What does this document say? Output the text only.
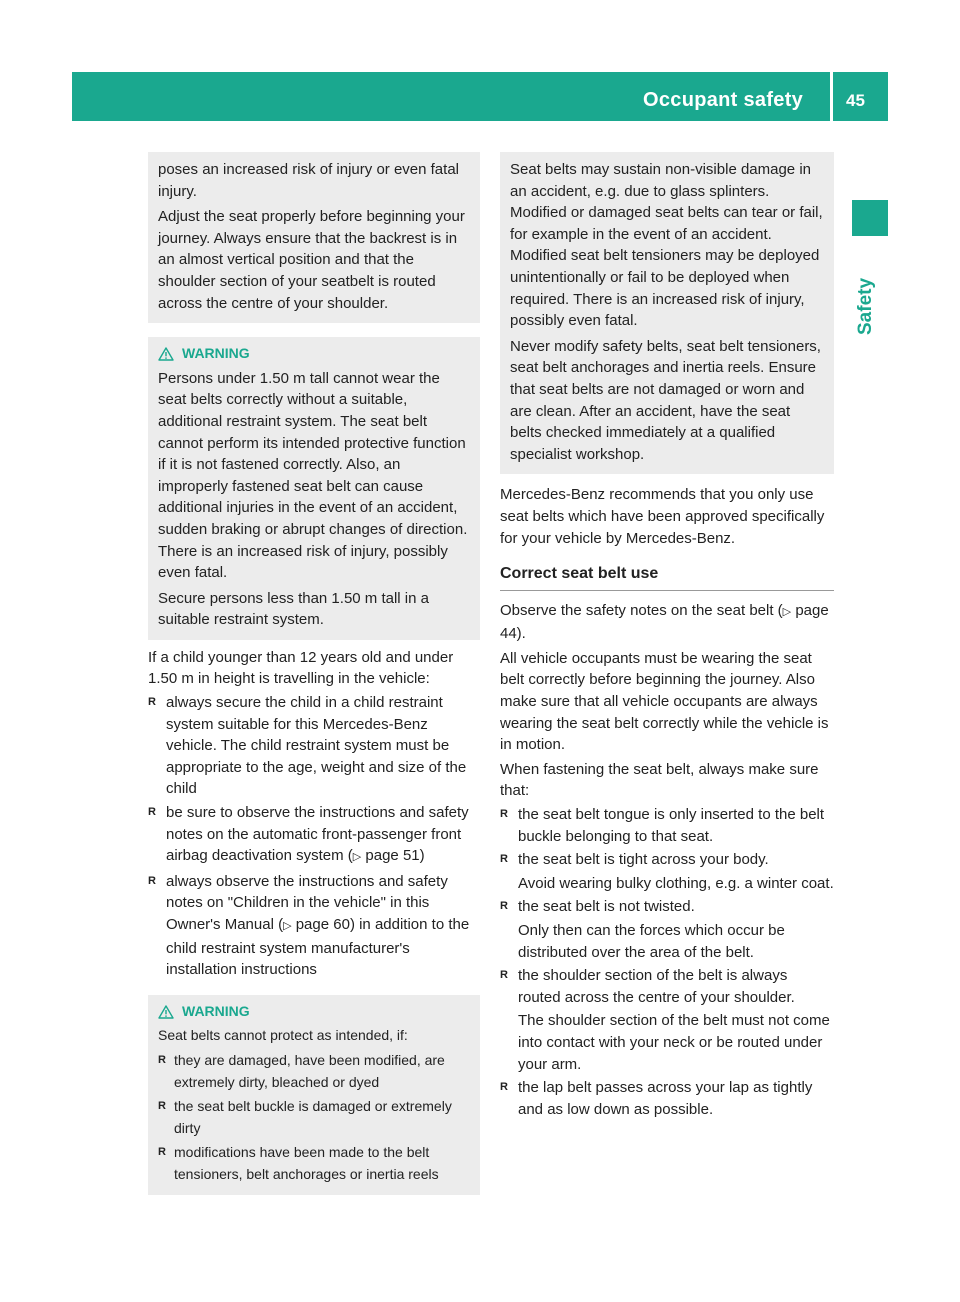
Occupant safety	45
Safety

poses an increased risk of injury or even fatal injury.

Adjust the seat properly before beginning your journey. Always ensure that the backrest is in an almost vertical position and that the shoulder section of your seatbelt is routed across the centre of your shoulder.

WARNING

Persons under 1.50 m tall cannot wear the seat belts correctly without a suitable, additional restraint system. The seat belt cannot perform its intended protective function if it is not fastened correctly. Also, an improperly fastened seat belt can cause additional injuries in the event of an accident, sudden braking or abrupt changes of direction. There is an increased risk of injury, possibly even fatal.

Secure persons less than 1.50 m tall in a suitable restraint system.

If a child younger than 12 years old and under 1.50 m in height is travelling in the vehicle:

R always secure the child in a child restraint system suitable for this Mercedes-Benz vehicle. The child restraint system must be appropriate to the age, weight and size of the child
R be sure to observe the instructions and safety notes on the automatic front-passenger front airbag deactivation system (▷ page 51)
R always observe the instructions and safety notes on "Children in the vehicle" in this Owner's Manual (▷ page 60) in addition to the child restraint system manufacturer's installation instructions
WARNING

Seat belts cannot protect as intended, if:

R they are damaged, have been modified, are extremely dirty, bleached or dyed
R the seat belt buckle is damaged or extremely dirty
R modifications have been made to the belt tensioners, belt anchorages or inertia reels

Seat belts may sustain non-visible damage in an accident, e.g. due to glass splinters. Modified or damaged seat belts can tear or fail, for example in the event of an accident. Modified seat belt tensioners may be deployed unintentionally or fail to be deployed when required. There is an increased risk of injury, possibly even fatal.

Never modify safety belts, seat belt tensioners, seat belt anchorages and inertia reels. Ensure that seat belts are not damaged or worn and are clean. After an accident, have the seat belts checked immediately at a qualified specialist workshop.

Mercedes-Benz recommends that you only use seat belts which have been approved specifically for your vehicle by Mercedes-Benz.

Correct seat belt use

Observe the safety notes on the seat belt (▷ page 44).

All vehicle occupants must be wearing the seat belt correctly before beginning the journey. Also make sure that all vehicle occupants are always wearing the seat belt correctly while the vehicle is in motion.

When fastening the seat belt, always make sure that:

R the seat belt tongue is only inserted to the belt buckle belonging to that seat.
R the seat belt is tight across your body.
Avoid wearing bulky clothing, e.g. a winter coat.
R the seat belt is not twisted.
Only then can the forces which occur be distributed over the area of the belt.
R the shoulder section of the belt is always routed across the centre of your shoulder.
The shoulder section of the belt must not come into contact with your neck or be routed under your arm.
R the lap belt passes across your lap as tightly and as low down as possible.
